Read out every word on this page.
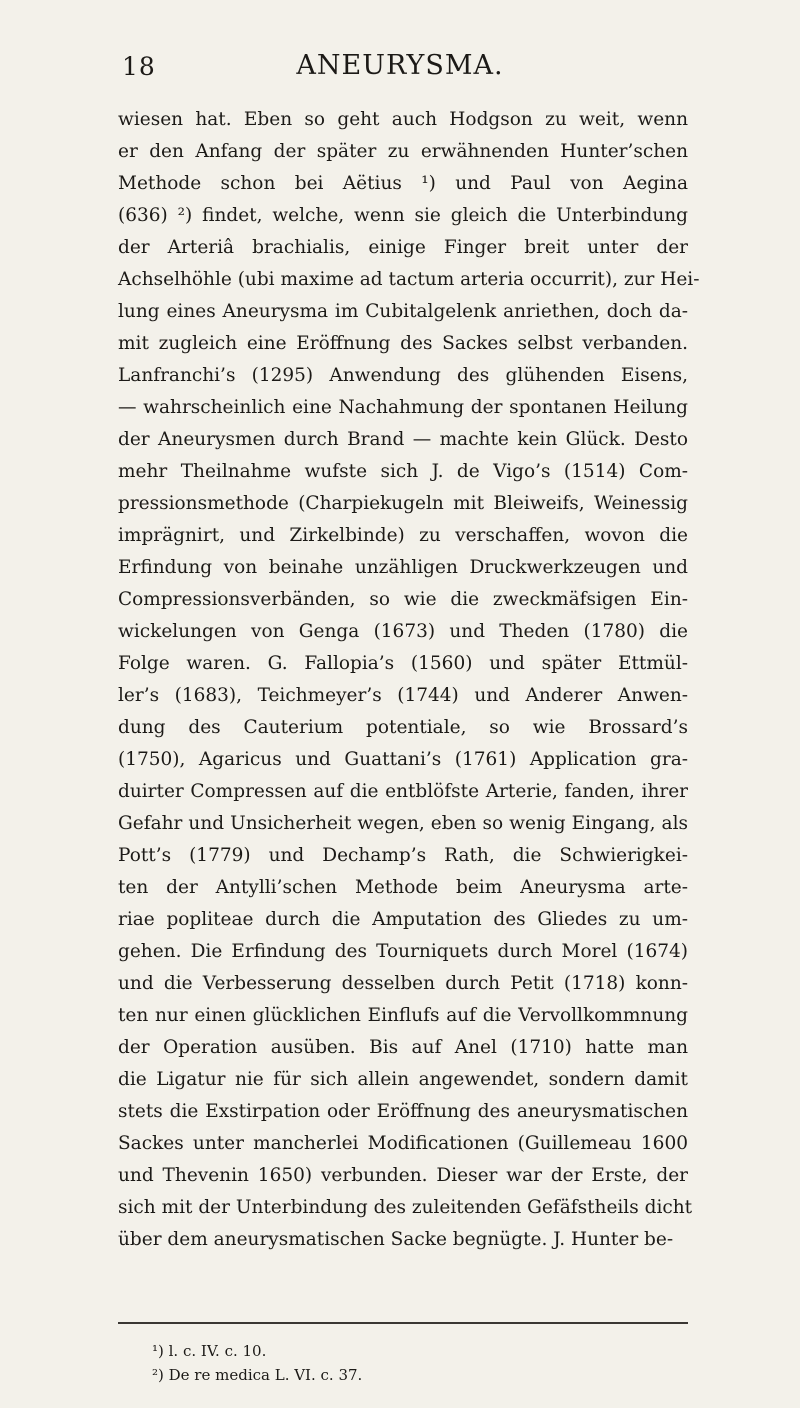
18	ANEURYSMA.
wiesen hat. Eben so geht auch Hodgson zu weit, wenn
er den Anfang der später zu erwähnenden Hunter’schen
Methode schon bei Aëtius ¹) und Paul von Aegina
(636) ²) findet, welche, wenn sie gleich die Unterbindung
der Arteriâ brachialis, einige Finger breit unter der
Achselhöhle (ubi maxime ad tactum arteria occurrit), zur Hei-
lung eines Aneurysma im Cubitalgelenk anriethen, doch da-
mit zugleich eine Eröffnung des Sackes selbst verbanden.
Lanfranchi’s (1295) Anwendung des glühenden Eisens,
— wahrscheinlich eine Nachahmung der spontanen Heilung
der Aneurysmen durch Brand — machte kein Glück. Desto
mehr Theilnahme wufste sich J. de Vigo’s (1514) Com-
pressionsmethode (Charpiekugeln mit Bleiweifs, Weinessig
imprägnirt, und Zirkelbinde) zu verschaffen, wovon die
Erfindung von beinahe unzähligen Druckwerkzeugen und
Compressionsverbänden, so wie die zweckmäfsigen Ein-
wickelungen von Genga (1673) und Theden (1780) die
Folge waren. G. Fallopia’s (1560) und später Ettmül-
ler’s (1683), Teichmeyer’s (1744) und Anderer Anwen-
dung des Cauterium potentiale, so wie Brossard’s
(1750), Agaricus und Guattani’s (1761) Application gra-
duirter Compressen auf die entblöfste Arterie, fanden, ihrer
Gefahr und Unsicherheit wegen, eben so wenig Eingang, als
Pott’s (1779) und Dechamp’s Rath, die Schwierigkei-
ten der Antylli’schen Methode beim Aneurysma arte-
riae popliteae durch die Amputation des Gliedes zu um-
gehen. Die Erfindung des Tourniquets durch Morel (1674)
und die Verbesserung desselben durch Petit (1718) konn-
ten nur einen glücklichen Einflufs auf die Vervollkommnung
der Operation ausüben. Bis auf Anel (1710) hatte man
die Ligatur nie für sich allein angewendet, sondern damit
stets die Exstirpation oder Eröffnung des aneurysmatischen
Sackes unter mancherlei Modificationen (Guillemeau 1600
und Thevenin 1650) verbunden. Dieser war der Erste, der
sich mit der Unterbindung des zuleitenden Gefäfstheils dicht
über dem aneurysmatischen Sacke begnügte. J. Hunter be-
¹) l. c. IV. c. 10.
²) De re medica L. VI. c. 37.
